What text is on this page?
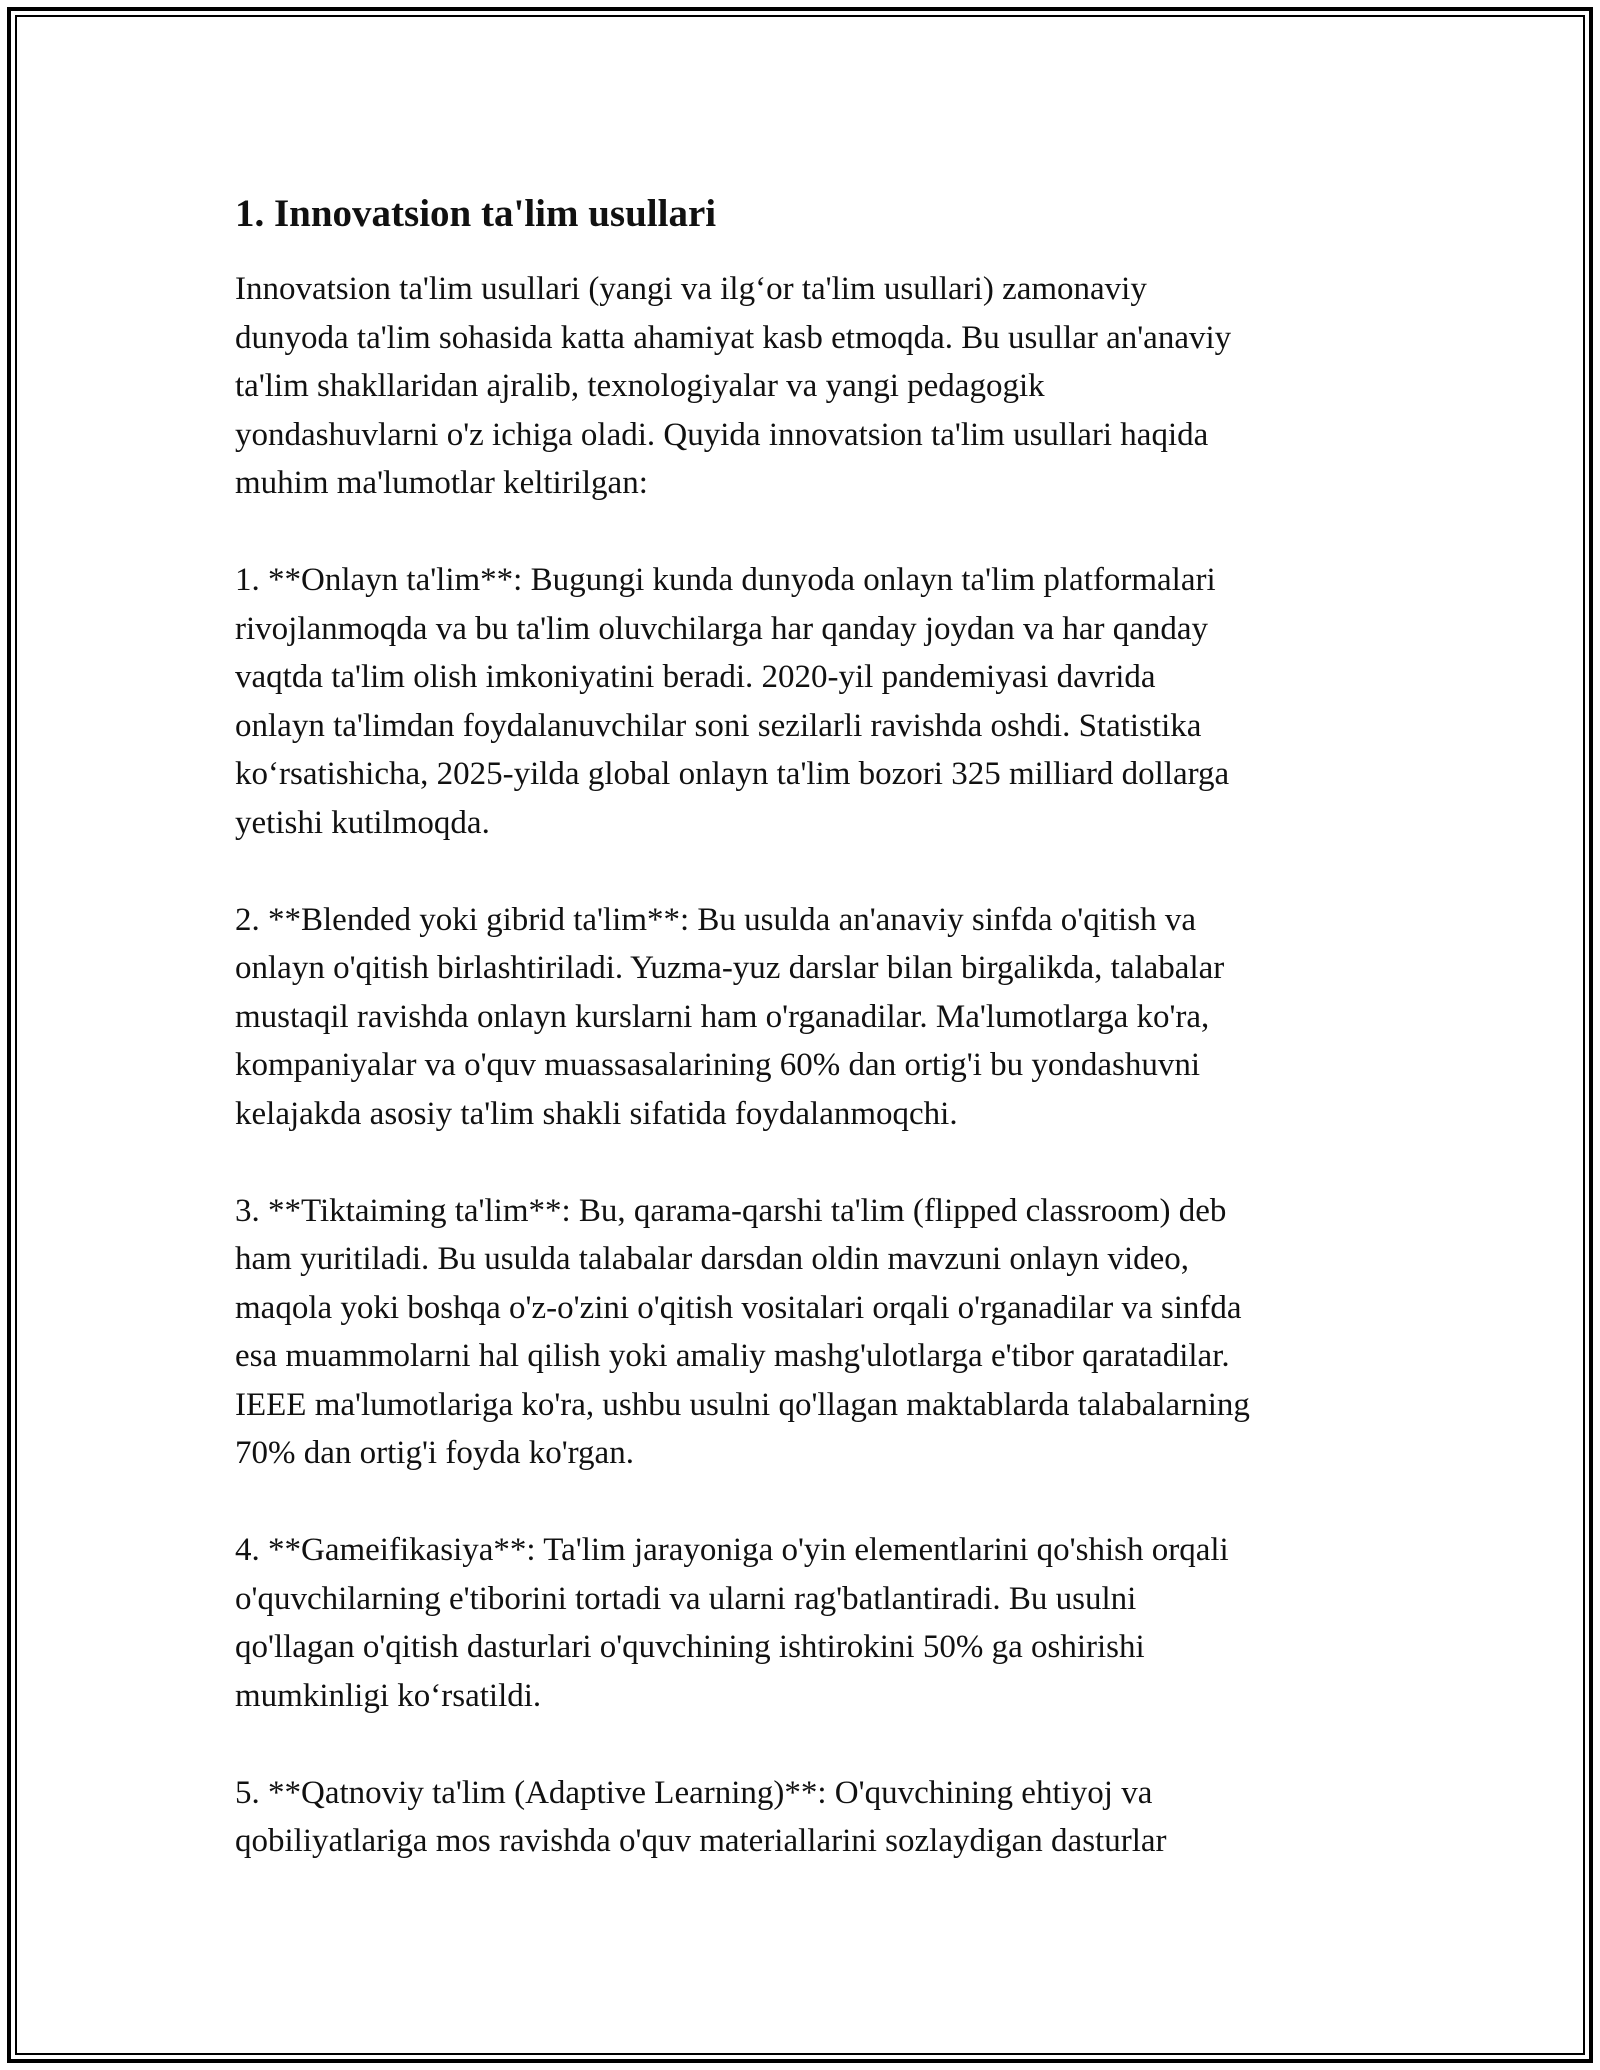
1. Innovatsion ta'lim usullari

Innovatsion ta'lim usullari (yangi va ilg‘or ta'lim usullari) zamonaviy
dunyoda ta'lim sohasida katta ahamiyat kasb etmoqda. Bu usullar an'anaviy
ta'lim shakllaridan ajralib, texnologiyalar va yangi pedagogik
yondashuvlarni o'z ichiga oladi. Quyida innovatsion ta'lim usullari haqida
muhim ma'lumotlar keltirilgan:

1. **Onlayn ta'lim**: Bugungi kunda dunyoda onlayn ta'lim platformalari
rivojlanmoqda va bu ta'lim oluvchilarga har qanday joydan va har qanday
vaqtda ta'lim olish imkoniyatini beradi. 2020-yil pandemiyasi davrida
onlayn ta'limdan foydalanuvchilar soni sezilarli ravishda oshdi. Statistika
ko‘rsatishicha, 2025-yilda global onlayn ta'lim bozori 325 milliard dollarga
yetishi kutilmoqda.

2. **Blended yoki gibrid ta'lim**: Bu usulda an'anaviy sinfda o'qitish va
onlayn o'qitish birlashtiriladi. Yuzma-yuz darslar bilan birgalikda, talabalar
mustaqil ravishda onlayn kurslarni ham o'rganadilar. Ma'lumotlarga ko'ra,
kompaniyalar va o'quv muassasalarining 60% dan ortig'i bu yondashuvni
kelajakda asosiy ta'lim shakli sifatida foydalanmoqchi.

3. **Tiktaiming ta'lim**: Bu, qarama-qarshi ta'lim (flipped classroom) deb
ham yuritiladi. Bu usulda talabalar darsdan oldin mavzuni onlayn video,
maqola yoki boshqa o'z-o'zini o'qitish vositalari orqali o'rganadilar va sinfda
esa muammolarni hal qilish yoki amaliy mashg'ulotlarga e'tibor qaratadilar.
IEEE ma'lumotlariga ko'ra, ushbu usulni qo'llagan maktablarda talabalarning
70% dan ortig'i foyda ko'rgan.

4. **Gameifikasiya**: Ta'lim jarayoniga o'yin elementlarini qo'shish orqali
o'quvchilarning e'tiborini tortadi va ularni rag'batlantiradi. Bu usulni
qo'llagan o'qitish dasturlari o'quvchining ishtirokini 50% ga oshirishi
mumkinligi ko‘rsatildi.

5. **Qatnoviy ta'lim (Adaptive Learning)**: O'quvchining ehtiyoj va
qobiliyatlariga mos ravishda o'quv materiallarini sozlaydigan dasturlar
